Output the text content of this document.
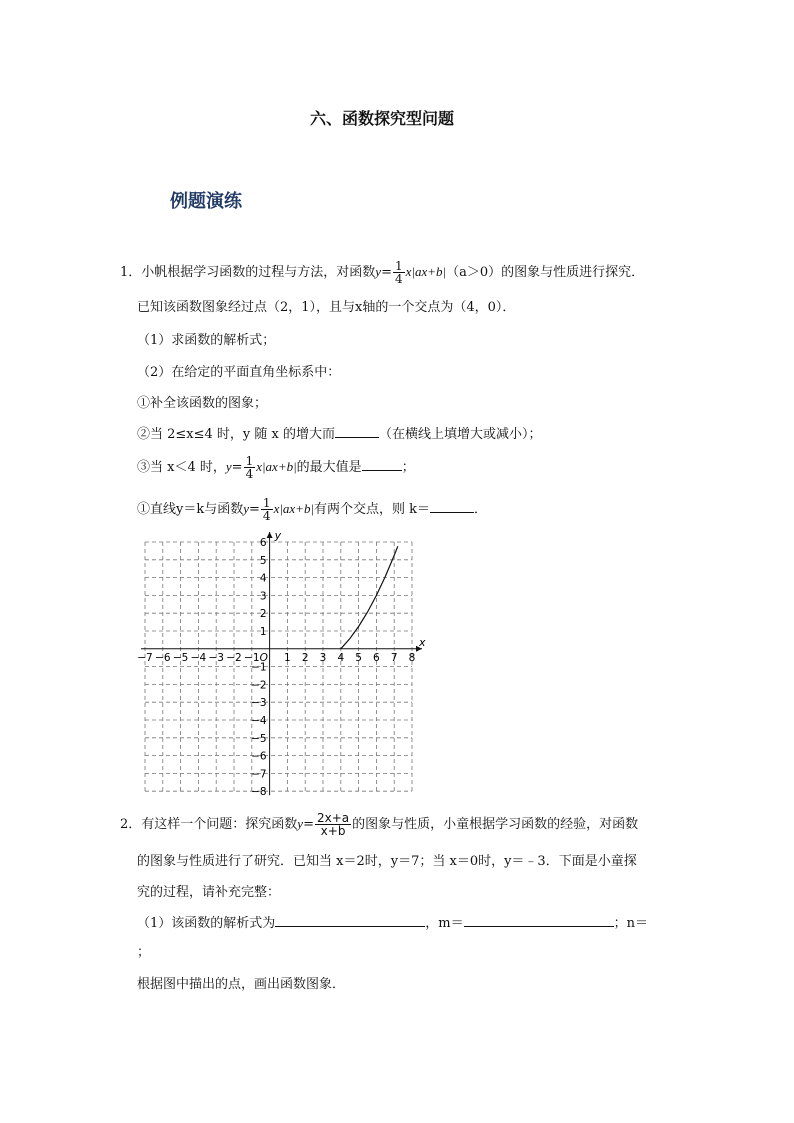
六、函数探究型问题
例题演练
1．小帆根据学习函数的过程与方法，对函数$y= \frac{1}{4} x|ax+b|(a>0)$的图象与性质进行探究．
已知该函数图象经过点（2，1），且与x轴的一个交点为（4，0）．
（1）求函数的解析式；
（2）在给定的平面直角坐标系中：
①补全该函数的图象；
②当 2≤x≤4 时，y 随 x 的增大而	（在横线上填增大或减小）；
③当 x＜4 时，$y= \frac{1}{4} x|ax+b|$的最大值是	；
①直线y＝k与函数$y= \frac{1}{4} x|ax+b|$有两个交点，则 k＝	．
x
y
O
−7 −6 −5 −4 −3 −2 −1 1 2 3 4 5 6 7 8
6
5
4
3
2
1
−1
−2
−3
−4
−5
−6
−7
−8
2．有这样一个问题：探究函数$y= \frac{2x+a}{x+b}$ 的图象与性质，小童根据学习函数的经验，对函数
的图象与性质进行了研究．已知当 x＝2时，y＝7；当 x＝0时，y＝﹣3．下面是小童探
究的过程，请补充完整：
（1）该函数的解析式为	，m＝	；n＝
；
根据图中描出的点，画出函数图象．
